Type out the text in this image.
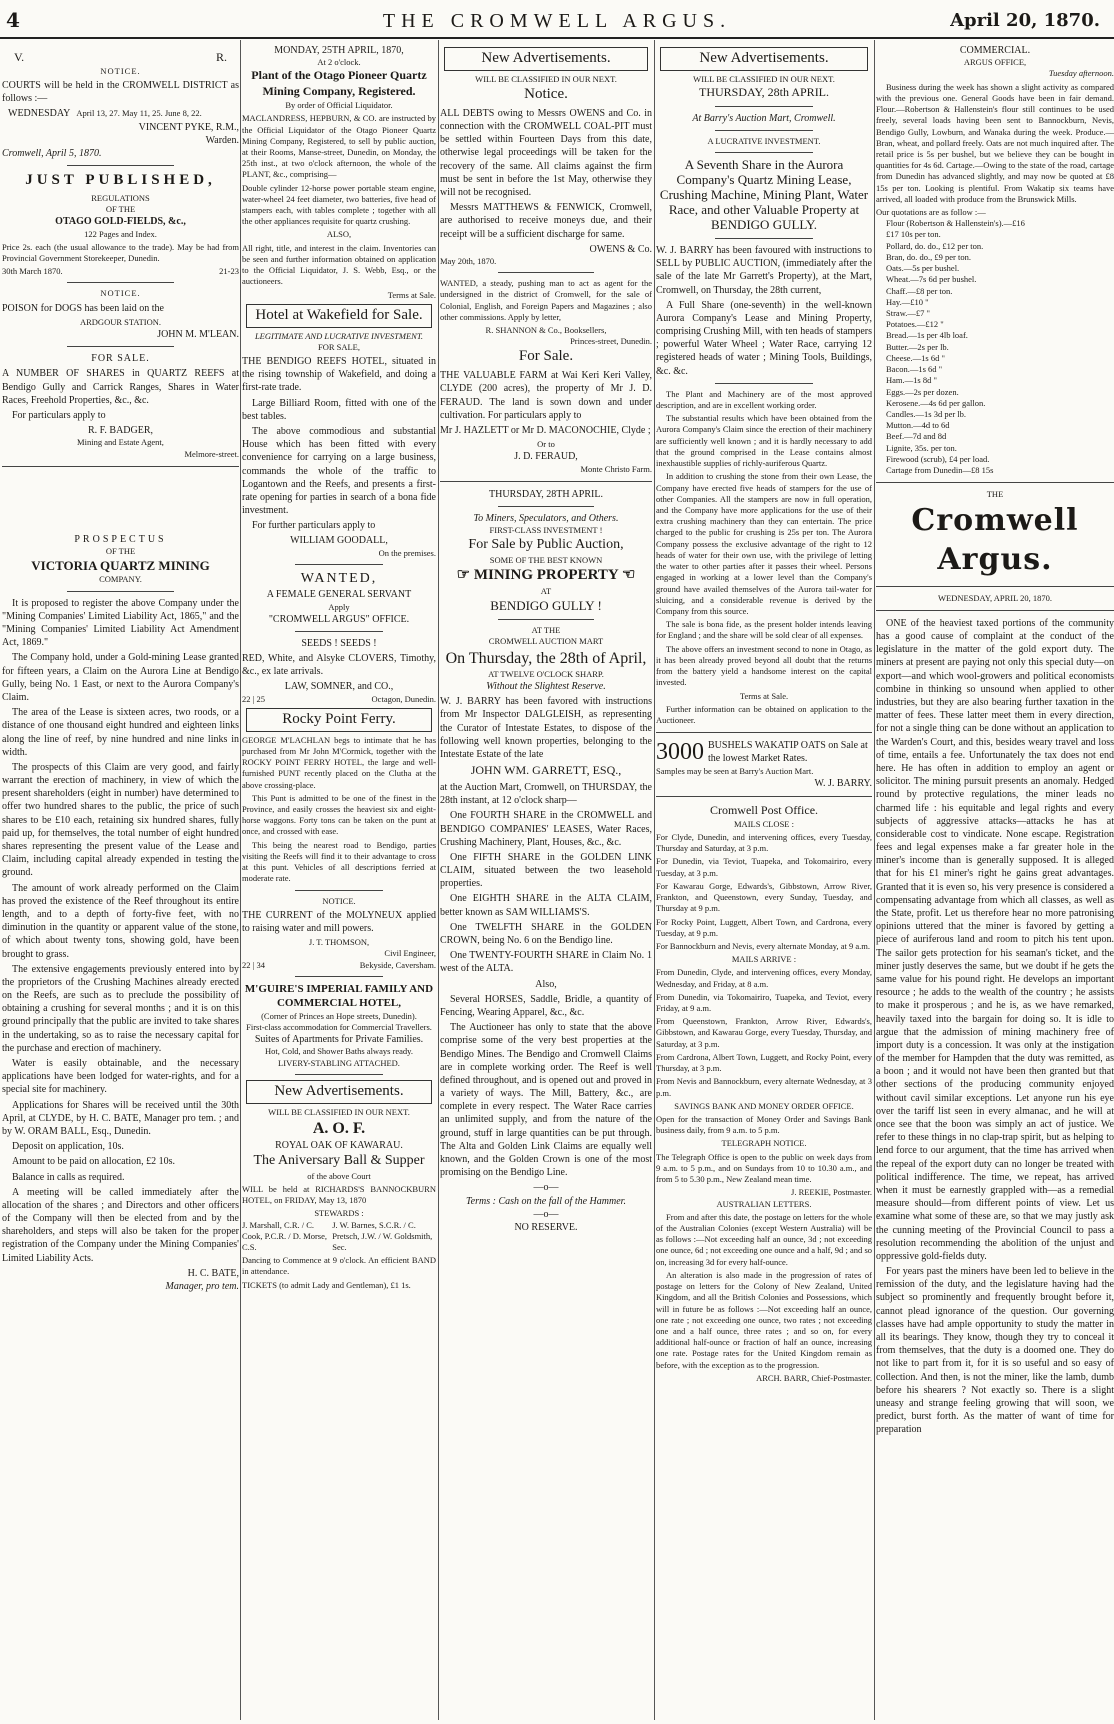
4	THE CROMWELL ARGUS.	April 20, 1870.
V.	R.
NOTICE.
COURTS will be held in the CROMWELL DISTRICT as follows :—
WEDNESDAY April 13, 27. May 11, 25. June 8, 22.
VINCENT PYKE, R.M.,
Warden.
Cromwell, April 5, 1870.
JUST PUBLISHED,
REGULATIONS
OF THE
OTAGO GOLD-FIELDS, &c.,
122 Pages and Index.
Price 2s. each (the usual allowance to the trade). May be had from Provincial Government Storekeeper, Dunedin.
30th March 1870.	21-23
NOTICE.
POISON for DOGS has been laid on the
ARDGOUR STATION.
JOHN M. M'LEAN.
FOR SALE.
A NUMBER OF SHARES in QUARTZ REEFS at Bendigo Gully and Carrick Ranges, Shares in Water Races, Freehold Properties, &c., &c.
For particulars apply to
R. F. BADGER,
Mining and Estate Agent,
Melmore-street.
PROSPECTUS
OF THE
VICTORIA QUARTZ MINING
COMPANY.
It is proposed to register the above Company under the "Mining Companies' Limited Liability Act, 1865," and the "Mining Companies' Limited Liability Act Amendment Act, 1869."
The Company hold, under a Gold-mining Lease granted for fifteen years, a Claim on the Aurora Line at Bendigo Gully, being No. 1 East, or next to the Aurora Company's Claim.
The area of the Lease is sixteen acres, two roods, or a distance of one thousand eight hundred and eighteen links along the line of reef, by nine hundred and nine links in width.
The prospects of this Claim are very good, and fairly warrant the erection of machinery, in view of which the present shareholders (eight in number) have determined to offer two hundred shares to the public, the price of such shares to be £10 each, retaining six hundred shares, fully paid up, for themselves, the total number of eight hundred shares representing the present value of the Lease and Claim, including capital already expended in testing the ground.
The amount of work already performed on the Claim has proved the existence of the Reef throughout its entire length, and to a depth of forty-five feet, with no diminution in the quantity or apparent value of the stone, of which about twenty tons, showing gold, have been brought to grass.
The extensive engagements previously entered into by the proprietors of the Crushing Machines already erected on the Reefs, are such as to preclude the possibility of obtaining a crushing for several months ; and it is on this ground principally that the public are invited to take shares in the undertaking, so as to raise the necessary capital for the purchase and erection of machinery.
Water is easily obtainable, and the necessary applications have been lodged for water-rights, and for a special site for machinery.
Applications for Shares will be received until the 30th April, at CLYDE, by H. C. BATE, Manager pro tem. ; and by W. ORAM BALL, Esq., Dunedin.
Deposit on application, 10s.
Amount to be paid on allocation, £2 10s.
Balance in calls as required.
A meeting will be called immediately after the allocation of the shares ; and Directors and other officers of the Company will then be elected from and by the shareholders, and steps will also be taken for the proper registration of the Company under the Mining Companies' Limited Liability Acts.
H. C. BATE,
Manager, pro tem.
MONDAY, 25TH APRIL, 1870,
At 2 o'clock.
Plant of the Otago Pioneer Quartz Mining Company, Registered.
By order of Official Liquidator.
MACLANDRESS, HEPBURN, & CO. are instructed by the Official Liquidator of the Otago Pioneer Quartz Mining Company, Registered, to sell by public auction, at their Rooms, Manse-street, Dunedin, on Monday, the 25th inst., at two o'clock afternoon, the whole of the PLANT, &c., comprising—
Double cylinder 12-horse power portable steam engine, water-wheel 24 feet diameter, two batteries, five head of stampers each, with tables complete ; together with all the other appliances requisite for quartz crushing.
ALSO,
All right, title, and interest in the claim. Inventories can be seen and further information obtained on application to the Official Liquidator, J. S. Webb, Esq., or the auctioneers.
Terms at Sale.
Hotel at Wakefield for Sale.
LEGITIMATE AND LUCRATIVE INVESTMENT.
FOR SALE,
THE BENDIGO REEFS HOTEL, situated in the rising township of Wakefield, and doing a first-rate trade.
Large Billiard Room, fitted with one of the best tables.
The above commodious and substantial House which has been fitted with every convenience for carrying on a large business, commands the whole of the traffic to Logantown and the Reefs, and presents a first-rate opening for parties in search of a bona fide investment.
For further particulars apply to
WILLIAM GOODALL,
On the premises.
WANTED,
A FEMALE GENERAL SERVANT
Apply
"CROMWELL ARGUS" OFFICE.
SEEDS ! SEEDS !
RED, White, and Alsyke CLOVERS, Timothy, &c., ex late arrivals.
LAW, SOMNER, and CO.,
22 | 25	Octagon, Dunedin.
Rocky Point Ferry.
GEORGE M'LACHLAN begs to intimate that he has purchased from Mr John M'Cormick, together with the ROCKY POINT FERRY HOTEL, the large and well-furnished PUNT recently placed on the Clutha at the above crossing-place.
This Punt is admitted to be one of the finest in the Province, and easily crosses the heaviest six and eight-horse waggons. Forty tons can be taken on the punt at once, and crossed with ease.
This being the nearest road to Bendigo, parties visiting the Reefs will find it to their advantage to cross at this punt. Vehicles of all descriptions ferried at moderate rate.
NOTICE.
THE CURRENT of the MOLYNEUX applied to raising water and mill powers.
J. T. THOMSON,
Civil Engineer,
22 | 34	Bekyside, Caversham.
M'GUIRE'S IMPERIAL FAMILY AND COMMERCIAL HOTEL,
(Corner of Princes an Hope streets, Dunedin).
First-class accommodation for Commercial Travellers.
Suites of Apartments for Private Families.
Hot, Cold, and Shower Baths always ready.
LIVERY-STABLING ATTACHED.
New Advertisements.
WILL BE CLASSIFIED IN OUR NEXT.
A. O. F.
ROYAL OAK OF KAWARAU.
The Aniversary Ball & Supper
of the above Court
WILL be held at RICHARDS'S BANNOCKBURN HOTEL, on FRIDAY, May 13, 1870
STEWARDS :
J. Marshall, C.R. / C. Cook, P.C.R. / D. Morse, C.S.
J. W. Barnes, S.C.R. / C. Pretsch, J.W. / W. Goldsmith, Sec.
Dancing to Commence at 9 o'clock. An efficient BAND in attendance.
TICKETS (to admit Lady and Gentleman), £1 1s.
New Advertisements.
WILL BE CLASSIFIED IN OUR NEXT.
Notice.
ALL DEBTS owing to Messrs OWENS and Co. in connection with the CROMWELL COAL-PIT must be settled within Fourteen Days from this date, otherwise legal proceedings will be taken for the recovery of the same. All claims against the firm must be sent in before the 1st May, otherwise they will not be recognised.
Messrs MATTHEWS & FENWICK, Cromwell, are authorised to receive moneys due, and their receipt will be a sufficient discharge for same.
OWENS & Co.
May 20th, 1870.
WANTED, a steady, pushing man to act as agent for the undersigned in the district of Cromwell, for the sale of Colonial, English, and Foreign Papers and Magazines ; also other commissions. Apply by letter,
R. SHANNON & Co., Booksellers,
Princes-street, Dunedin.
For Sale.
THE VALUABLE FARM at Wai Keri Keri Valley, CLYDE (200 acres), the property of Mr J. D. FERAUD. The land is sown down and under cultivation. For particulars apply to
Mr J. HAZLETT or Mr D. MACONOCHIE, Clyde ;
Or to
J. D. FERAUD,
Monte Christo Farm.
THURSDAY, 28TH APRIL.
To Miners, Speculators, and Others.
FIRST-CLASS INVESTMENT !
For Sale by Public Auction,
SOME OF THE BEST KNOWN
☞ MINING PROPERTY ☜
AT
BENDIGO GULLY !
AT THE
CROMWELL AUCTION MART
On Thursday, the 28th of April,
AT TWELVE O'CLOCK SHARP.
Without the Slightest Reserve.
W. J. BARRY has been favored with instructions from Mr Inspector DALGLEISH, as representing the Curator of Intestate Estates, to dispose of the following well known properties, belonging to the Intestate Estate of the late
JOHN WM. GARRETT, ESQ.,
at the Auction Mart, Cromwell, on THURSDAY, the 28th instant, at 12 o'clock sharp—
One FOURTH SHARE in the CROMWELL and BENDIGO COMPANIES' LEASES, Water Races, Crushing Machinery, Plant, Houses, &c., &c.
One FIFTH SHARE in the GOLDEN LINK CLAIM, situated between the two leasehold properties.
One EIGHTH SHARE in the ALTA CLAIM, better known as SAM WILLIAMS'S.
One TWELFTH SHARE in the GOLDEN CROWN, being No. 6 on the Bendigo line.
One TWENTY-FOURTH SHARE in Claim No. 1 west of the ALTA.
Also,
Several HORSES, Saddle, Bridle, a quantity of Fencing, Wearing Apparel, &c., &c.
The Auctioneer has only to state that the above comprise some of the very best properties at the Bendigo Mines. The Bendigo and Cromwell Claims are in complete working order. The Reef is well defined throughout, and is opened out and proved in a variety of ways. The Mill, Battery, &c., are complete in every respect. The Water Race carries an unlimited supply, and from the nature of the ground, stuff in large quantities can be put through. The Alta and Golden Link Claims are equally well known, and the Golden Crown is one of the most promising on the Bendigo Line.
—o—
Terms : Cash on the fall of the Hammer.
—o—
NO RESERVE.
New Advertisements.
WILL BE CLASSIFIED IN OUR NEXT.
THURSDAY, 28th APRIL.
At Barry's Auction Mart, Cromwell.
A LUCRATIVE INVESTMENT.
A Seventh Share in the Aurora Company's Quartz Mining Lease, Crushing Machine, Mining Plant, Water Race, and other Valuable Property at BENDIGO GULLY.
W. J. BARRY has been favoured with instructions to SELL by PUBLIC AUCTION, (immediately after the sale of the late Mr Garrett's Property), at the Mart, Cromwell, on Thursday, the 28th current,
A Full Share (one-seventh) in the well-known Aurora Company's Lease and Mining Property, comprising Crushing Mill, with ten heads of stampers ; powerful Water Wheel ; Water Race, carrying 12 registered heads of water ; Mining Tools, Buildings, &c. &c.
The Plant and Machinery are of the most approved description, and are in excellent working order.
The substantial results which have been obtained from the Aurora Company's Claim since the erection of their machinery are sufficiently well known ; and it is hardly necessary to add that the ground comprised in the Lease contains almost inexhaustible supplies of richly-auriferous Quartz.
In addition to crushing the stone from their own Lease, the Company have erected five heads of stampers for the use of other Companies. All the stampers are now in full operation, and the Company have more applications for the use of their extra crushing machinery than they can entertain. The price charged to the public for crushing is 25s per ton. The Aurora Company possess the exclusive advantage of the right to 12 heads of water for their own use, with the privilege of letting the water to other parties after it passes their wheel. Persons engaged in working at a lower level than the Company's ground have availed themselves of the Aurora tail-water for sluicing, and a considerable revenue is derived by the Company from this source.
The sale is bona fide, as the present holder intends leaving for England ; and the share will be sold clear of all expenses.
The above offers an investment second to none in Otago, as it has been already proved beyond all doubt that the returns from the battery yield a handsome interest on the capital invested.
Terms at Sale.
Further information can be obtained on application to the Auctioneer.
3000 BUSHELS WAKATIP OATS on Sale at the lowest Market Rates.
Samples may be seen at Barry's Auction Mart.
W. J. BARRY.
Cromwell Post Office.
MAILS CLOSE :
For Clyde, Dunedin, and intervening offices, every Tuesday, Thursday and Saturday, at 3 p.m.
For Dunedin, via Teviot, Tuapeka, and Tokomairiro, every Tuesday, at 3 p.m.
For Kawarau Gorge, Edwards's, Gibbstown, Arrow River, Frankton, and Queenstown, every Sunday, Tuesday, and Thursday at 9 p.m.
For Rocky Point, Luggett, Albert Town, and Cardrona, every Tuesday, at 9 p.m.
For Bannockburn and Nevis, every alternate Monday, at 9 a.m.
MAILS ARRIVE :
From Dunedin, Clyde, and intervening offices, every Monday, Wednesday, and Friday, at 8 a.m.
From Dunedin, via Tokomairiro, Tuapeka, and Teviot, every Friday, at 9 a.m.
From Queenstown, Frankton, Arrow River, Edwards's, Gibbstown, and Kawarau Gorge, every Tuesday, Thursday, and Saturday, at 3 p.m.
From Cardrona, Albert Town, Luggett, and Rocky Point, every Thursday, at 3 p.m.
From Nevis and Bannockburn, every alternate Wednesday, at 3 p.m.
SAVINGS BANK AND MONEY ORDER OFFICE.
Open for the transaction of Money Order and Savings Bank business daily, from 9 a.m. to 5 p.m.
TELEGRAPH NOTICE.
The Telegraph Office is open to the public on week days from 9 a.m. to 5 p.m., and on Sundays from 10 to 10.30 a.m., and from 5 to 5.30 p.m., New Zealand mean time.
J. REEKIE, Postmaster.
AUSTRALIAN LETTERS.
From and after this date, the postage on letters for the whole of the Australian Colonies (except Western Australia) will be as follows :—Not exceeding half an ounce, 3d ; not exceeding one ounce, 6d ; not exceeding one ounce and a half, 9d ; and so on, increasing 3d for every half-ounce.
An alteration is also made in the progression of rates of postage on letters for the Colony of New Zealand, United Kingdom, and all the British Colonies and Possessions, which will in future be as follows :—Not exceeding half an ounce, one rate ; not exceeding one ounce, two rates ; not exceeding one and a half ounce, three rates ; and so on, for every additional half-ounce or fraction of half an ounce, increasing one rate. Postage rates for the United Kingdom remain as before, with the exception as to the progression.
ARCH. BARR, Chief-Postmaster.
COMMERCIAL.
ARGUS OFFICE,
Tuesday afternoon.
Business during the week has shown a slight activity as compared with the previous one. General Goods have been in fair demand. Flour.—Robertson & Hallenstein's flour still continues to be used freely, several loads having been sent to Bannockburn, Nevis, Bendigo Gully, Lowburn, and Wanaka during the week. Produce.—Bran, wheat, and pollard freely. Oats are not much inquired after. The retail price is 5s per bushel, but we believe they can be bought in quantities for 4s 6d. Cartage.—Owing to the state of the road, cartage from Dunedin has advanced slightly, and may now be quoted at £8 15s per ton. Looking is plentiful. From Wakatip six teams have arrived, all loaded with produce from the Brunswick Mills.
Our quotations are as follow :—
Flour (Robertson & Hallenstein's).—£16
£17 10s per ton.
Pollard, do. do., £12 per ton.
Bran, do. do., £9 per ton.
Oats.—5s per bushel.
Wheat.—7s 6d per bushel.
Chaff.—£8 per ton.
Hay.—£10 "
Straw.—£7 "
Potatoes.—£12 "
Bread.—1s per 4lb loaf.
Butter.—2s per lb.
Cheese.—1s 6d "
Bacon.—1s 6d "
Ham.—1s 8d "
Eggs.—2s per dozen.
Kerosene.—4s 6d per gallon.
Candles.—1s 3d per lb.
Mutton.—4d to 6d
Beef.—7d and 8d
Lignite, 35s. per ton.
Firewood (scrub), £4 per load.
Cartage from Dunedin—£8 15s
THE
Cromwell Argus.
WEDNESDAY, APRIL 20, 1870.
ONE of the heaviest taxed portions of the community has a good cause of complaint at the conduct of the legislature in the matter of the gold export duty. The miners at present are paying not only this special duty—on export—and which wool-growers and political economists combine in thinking so unsound when applied to other industries, but they are also bearing further taxation in the matter of fees. These latter meet them in every direction, for not a single thing can be done without an application to the Warden's Court, and this, besides weary travel and loss of time, entails a fee. Unfortunately the tax does not end here. He has often in addition to employ an agent or solicitor. The mining pursuit presents an anomaly. Hedged round by protective regulations, the miner leads no charmed life : his equitable and legal rights and every subjects of aggressive attacks—attacks he has at considerable cost to vindicate. None escape. Registration fees and legal expenses make a far greater hole in the miner's income than is generally supposed. It is alleged that for his £1 miner's right he gains great advantages. Granted that it is even so, his very presence is considered a compensating advantage from which all classes, as well as the State, profit. Let us therefore hear no more patronising opinions uttered that the miner is favored by getting a piece of auriferous land and room to pitch his tent upon. The sailor gets protection for his seaman's ticket, and the miner justly deserves the same, but we doubt if he gets the same value for his pound right. He develops an important resource ; he adds to the wealth of the country ; he assists to make it prosperous ; and he is, as we have remarked, heavily taxed into the bargain for doing so. It is idle to argue that the admission of mining machinery free of import duty is a concession. It was only at the instigation of the member for Hampden that the duty was remitted, as a boon ; and it would not have been then granted but that other sections of the producing community enjoyed without cavil similar exceptions. Let anyone run his eye over the tariff list seen in every almanac, and he will at once see that the boon was simply an act of justice. We refer to these things in no clap-trap spirit, but as helping to lend force to our argument, that the time has arrived when the repeal of the export duty can no longer be treated with political indifference. The time, we repeat, has arrived when it must be earnestly grappled with—as a remedial measure should—from different points of view. Let us examine what some of these are, so that we may justly ask the cunning meeting of the Provincial Council to pass a resolution recommending the abolition of the unjust and oppressive gold-fields duty.
For years past the miners have been led to believe in the remission of the duty, and the legislature having had the subject so prominently and frequently brought before it, cannot plead ignorance of the question. Our governing classes have had ample opportunity to study the matter in all its bearings. They know, though they try to conceal it from themselves, that the duty is a doomed one. They do not like to part from it, for it is so useful and so easy of collection. And then, is not the miner, like the lamb, dumb before his shearers ? Not exactly so. There is a slight uneasy and strange feeling growing that will soon, we predict, burst forth. As the matter of want of time for preparation
